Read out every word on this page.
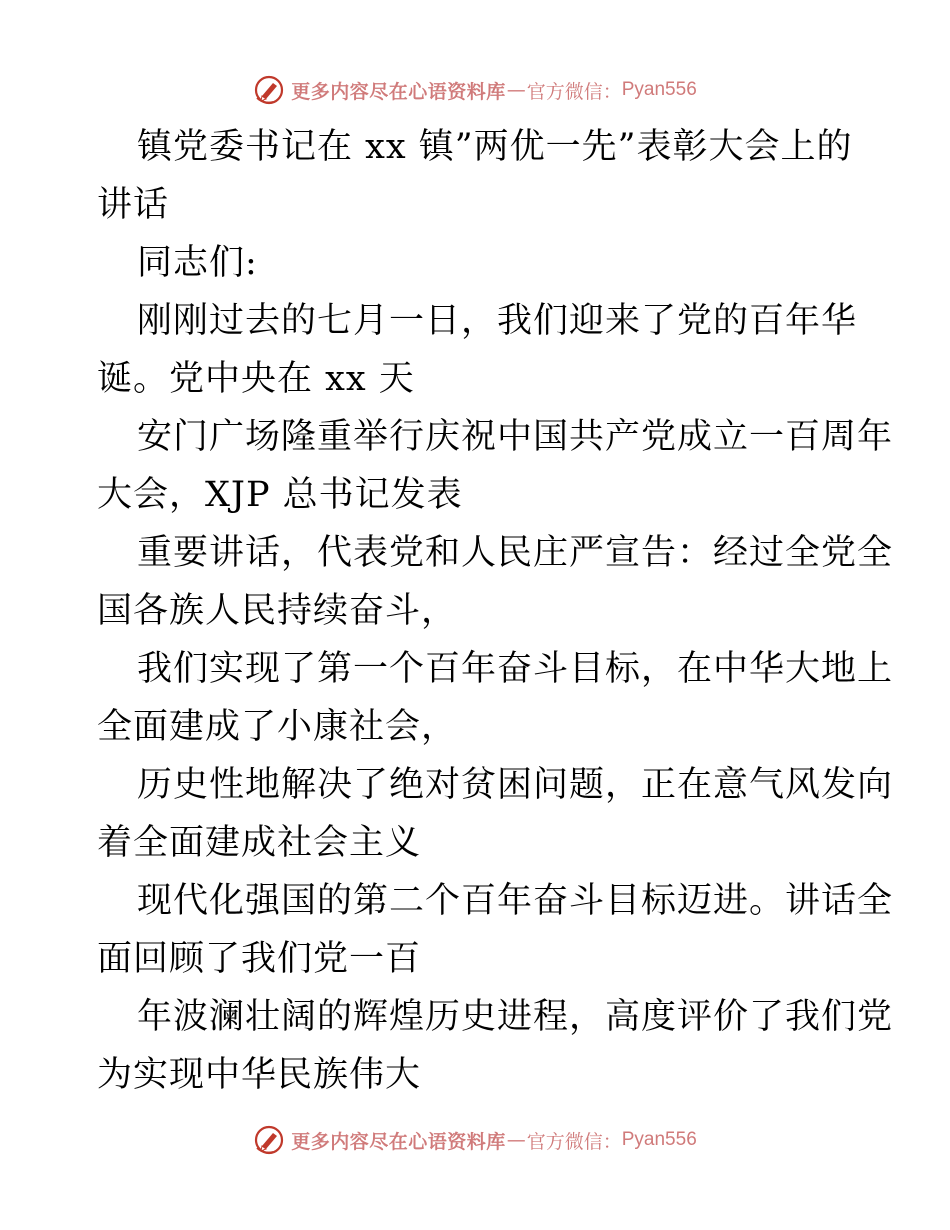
更多内容尽在心语资料库 — 官方微信： Pyan556
镇党委书记在 xx 镇”两优一先”表彰大会上的
讲话
同志们:
刚刚过去的七月一日，我们迎来了党的百年华
诞。党中央在 xx 天
安门广场隆重举行庆祝中国共产党成立一百周年
大会，XJP 总书记发表
重要讲话，代表党和人民庄严宣告：经过全党全
国各族人民持续奋斗，
我们实现了第一个百年奋斗目标，在中华大地上
全面建成了小康社会，
历史性地解决了绝对贫困问题，正在意气风发向
着全面建成社会主义
现代化强国的第二个百年奋斗目标迈进。讲话全
面回顾了我们党一百
年波澜壮阔的辉煌历史进程，高度评价了我们党
为实现中华民族伟大
更多内容尽在心语资料库 — 官方微信： Pyan556
